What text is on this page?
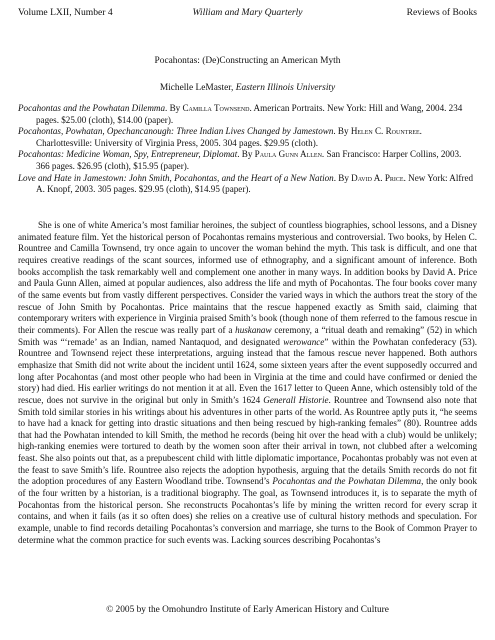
Volume LXII, Number 4	William and Mary Quarterly	Reviews of Books
Pocahontas: (De)Constructing an American Myth
Michelle LeMaster, Eastern Illinois University

Pocahontas and the Powhatan Dilemma. By Camilla Townsend. American Portraits. New York: Hill and Wang, 2004. 234 pages. $25.00 (cloth), $14.00 (paper).

Pocahontas, Powhatan, Opechancanough: Three Indian Lives Changed by Jamestown. By Helen C. Rountree. Charlottesville: University of Virginia Press, 2005. 304 pages. $29.95 (cloth).

Pocahontas: Medicine Woman, Spy, Entrepreneur, Diplomat. By Paula Gunn Allen. San Francisco: Harper Collins, 2003. 366 pages. $26.95 (cloth), $15.95 (paper).

Love and Hate in Jamestown: John Smith, Pocahontas, and the Heart of a New Nation. By David A. Price. New York: Alfred A. Knopf, 2003. 305 pages. $29.95 (cloth), $14.95 (paper).

She is one of white America’s most familiar heroines, the subject of countless biographies, school lessons, and a Disney animated feature film. Yet the historical person of Pocahontas remains mysterious and controversial. Two books, by Helen C. Rountree and Camilla Townsend, try once again to uncover the woman behind the myth. This task is difficult, and one that requires creative readings of the scant sources, informed use of ethnography, and a significant amount of inference. Both books accomplish the task remarkably well and complement one another in many ways. In addition books by David A. Price and Paula Gunn Allen, aimed at popular audiences, also address the life and myth of Pocahontas. The four books cover many of the same events but from vastly different perspectives. Consider the varied ways in which the authors treat the story of the rescue of John Smith by Pocahontas. Price maintains that the rescue happened exactly as Smith said, claiming that contemporary writers with experience in Virginia praised Smith’s book (though none of them referred to the famous rescue in their comments). For Allen the rescue was really part of a huskanaw ceremony, a “ritual death and remaking” (52) in which Smith was “‘remade’ as an Indian, named Nantaquod, and designated werowance” within the Powhatan confederacy (53). Rountree and Townsend reject these interpretations, arguing instead that the famous rescue never happened. Both authors emphasize that Smith did not write about the incident until 1624, some sixteen years after the event supposedly occurred and long after Pocahontas (and most other people who had been in Virginia at the time and could have confirmed or denied the story) had died. His earlier writings do not mention it at all. Even the 1617 letter to Queen Anne, which ostensibly told of the rescue, does not survive in the original but only in Smith’s 1624 Generall Historie. Rountree and Townsend also note that Smith told similar stories in his writings about his adventures in other parts of the world. As Rountree aptly puts it, “he seems to have had a knack for getting into drastic situations and then being rescued by high-ranking females” (80). Rountree adds that had the Powhatan intended to kill Smith, the method he records (being hit over the head with a club) would be unlikely; high-ranking enemies were tortured to death by the women soon after their arrival in town, not clubbed after a welcoming feast. She also points out that, as a prepubescent child with little diplomatic importance, Pocahontas probably was not even at the feast to save Smith’s life. Rountree also rejects the adoption hypothesis, arguing that the details Smith records do not fit the adoption procedures of any Eastern Woodland tribe. Townsend’s Pocahontas and the Powhatan Dilemma, the only book of the four written by a historian, is a traditional biography. The goal, as Townsend introduces it, is to separate the myth of Pocahontas from the historical person. She reconstructs Pocahontas’s life by mining the written record for every scrap it contains, and when it fails (as it so often does) she relies on a creative use of cultural history methods and speculation. For example, unable to find records detailing Pocahontas’s conversion and marriage, she turns to the Book of Common Prayer to determine what the common practice for such events was. Lacking sources describing Pocahontas’s

© 2005 by the Omohundro Institute of Early American History and Culture
